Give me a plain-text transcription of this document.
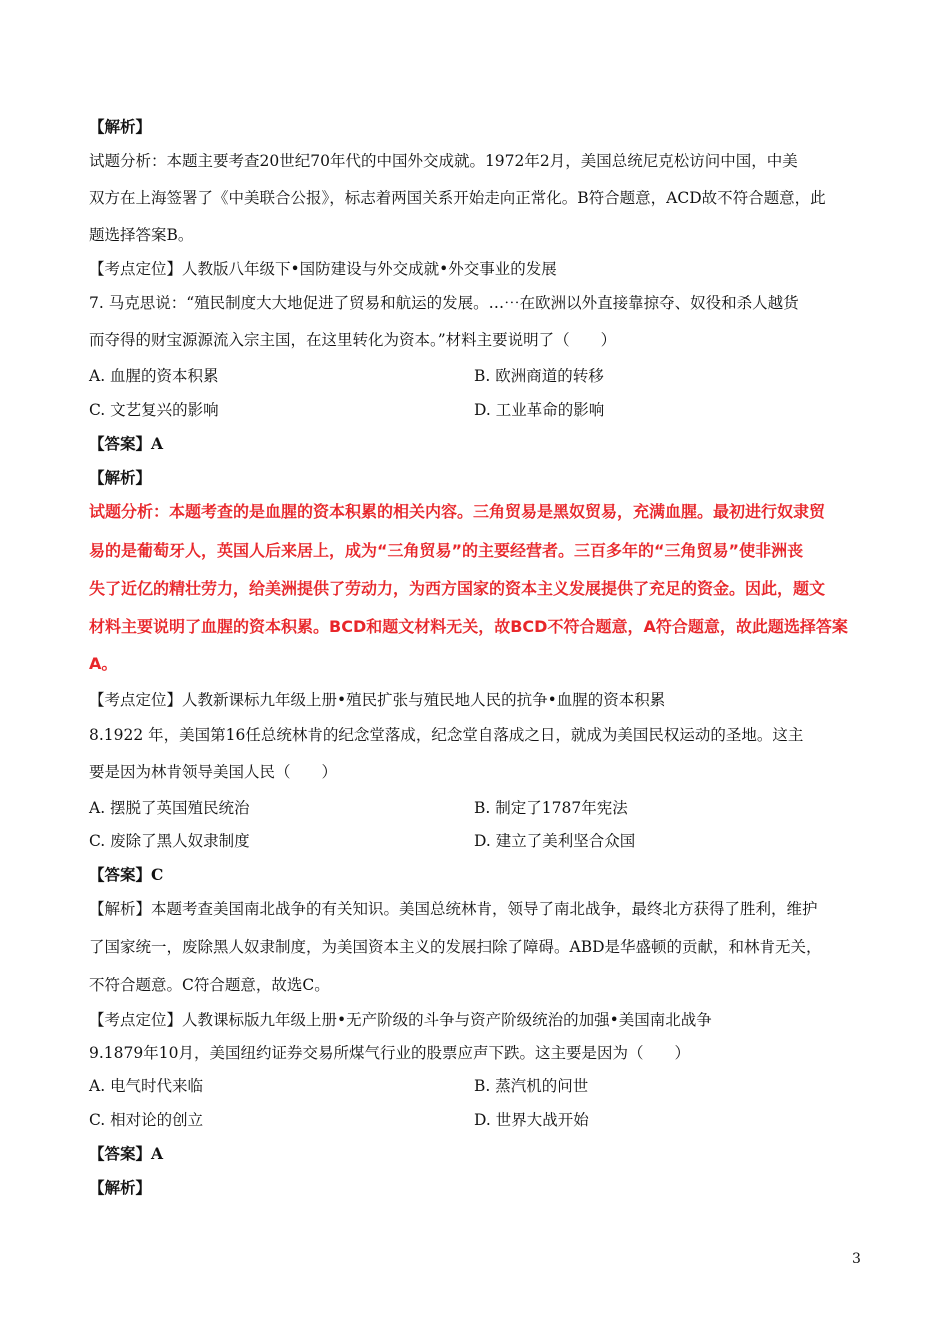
【解析】
试题分析：本题主要考查20世纪70年代的中国外交成就。1972年2月，美国总统尼克松访问中国，中美
双方在上海签署了《中美联合公报》，标志着两国关系开始走向正常化。B符合题意，ACD故不符合题意，此
题选择答案B。
【考点定位】人教版八年级下•国防建设与外交成就•外交事业的发展
7. 马克思说：“殖民制度大大地促进了贸易和航运的发展。…⋯在欧洲以外直接靠掠夺、奴役和杀人越货
而夺得的财宝源源流入宗主国，在这里转化为资本。”材料主要说明了（　　）
A. 血腥的资本积累	B. 欧洲商道的转移
C. 文艺复兴的影响	D. 工业革命的影响
【答案】A
【解析】
试题分析：本题考查的是血腥的资本积累的相关内容。三角贸易是黑奴贸易，充满血腥。最初进行奴隶贸
易的是葡萄牙人，英国人后来居上，成为“三角贸易”的主要经营者。三百多年的“三角贸易”使非洲丧
失了近亿的精壮劳力，给美洲提供了劳动力，为西方国家的资本主义发展提供了充足的资金。因此，题文
材料主要说明了血腥的资本积累。BCD和题文材料无关，故BCD不符合题意，A符合题意，故此题选择答案
A。
【考点定位】人教新课标九年级上册•殖民扩张与殖民地人民的抗争•血腥的资本积累
8.1922 年，美国第16任总统林肯的纪念堂落成，纪念堂自落成之日，就成为美国民权运动的圣地。这主
要是因为林肯领导美国人民（　　）
A. 摆脱了英国殖民统治	B. 制定了1787年宪法
C. 废除了黑人奴隶制度	D. 建立了美利坚合众国
【答案】C
【解析】本题考查美国南北战争的有关知识。美国总统林肯，领导了南北战争，最终北方获得了胜利，维护
了国家统一，废除黑人奴隶制度，为美国资本主义的发展扫除了障碍。ABD是华盛顿的贡献，和林肯无关，
不符合题意。C符合题意，故选C。
【考点定位】人教课标版九年级上册•无产阶级的斗争与资产阶级统治的加强•美国南北战争
9.1879年10月，美国纽约证券交易所煤气行业的股票应声下跌。这主要是因为（　　）
A. 电气时代来临	B. 蒸汽机的问世
C. 相对论的创立	D. 世界大战开始
【答案】A
【解析】
3
